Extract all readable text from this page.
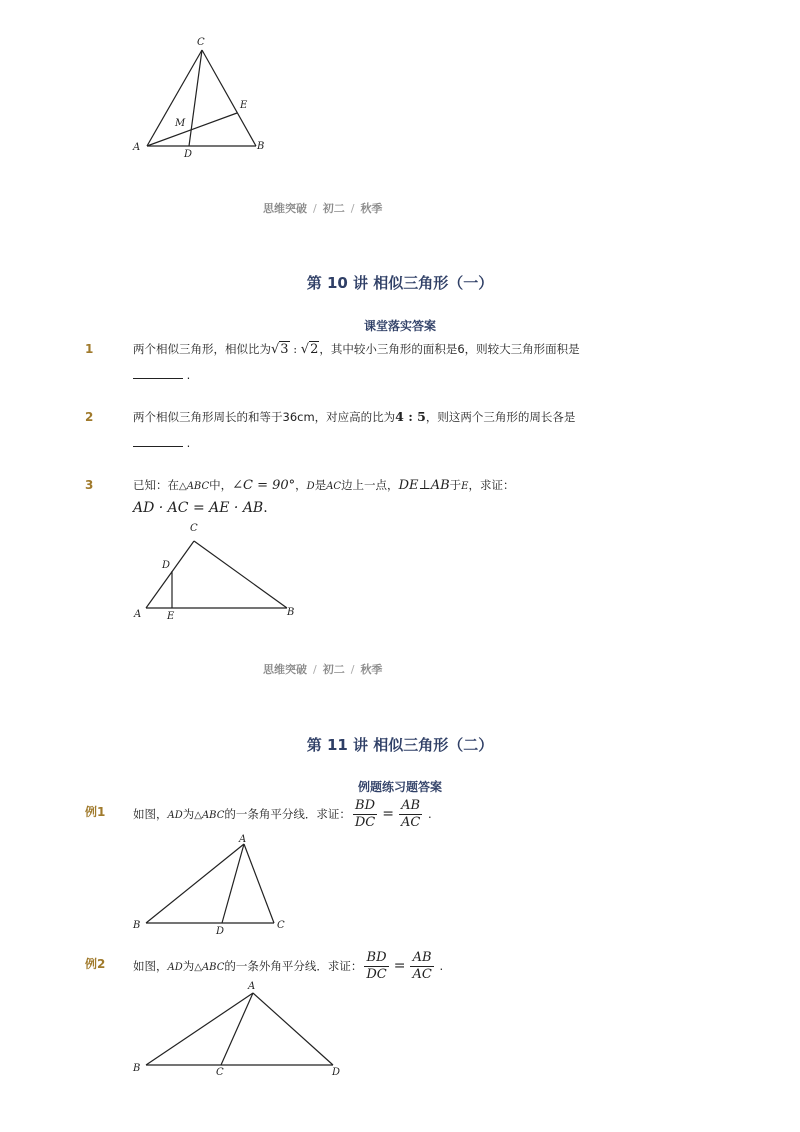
C
E
M
A
D
B
思维突破 / 初二 / 秋季
第 10 讲 相似三角形（一）
课堂落实答案
1	两个相似三角形，相似比为√3 : √2，其中较小三角形的面积是6，则较大三角形面积是
.
2	两个相似三角形周长的和等于36cm，对应高的比为4 : 5，则这两个三角形的周长各是
.
3	已知：在△ABC中，∠C = 90°，D是AC边上一点，DE⊥AB于E，求证：
AD · AC = AE · AB.
C
D
A	E	B
思维突破 / 初二 / 秋季
第 11 讲 相似三角形（二）
例题练习题答案
例1 如图，AD为△ABC的一条角平分线．求证： $\frac{BD}{DC} = \frac{AB}{AC}$ .
A
B
D
C
例2 如图，AD为△ABC的一条外角平分线．求证： $\frac{BD}{DC} = \frac{AB}{AC}$ .
A
B	C	D
